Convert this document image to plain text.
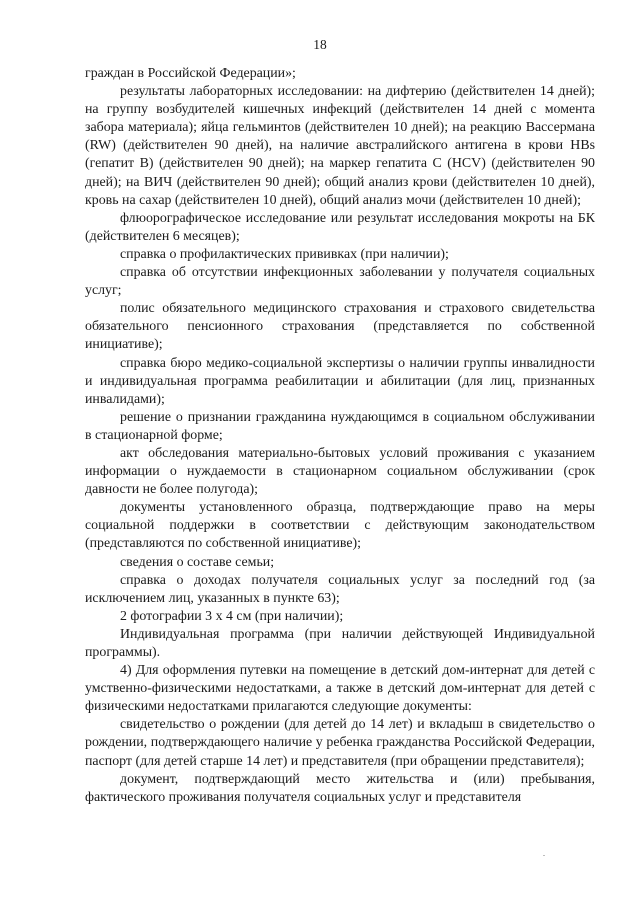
18

граждан в Российской Федерации»;

результаты лабораторных исследовании: на дифтерию (действителен 14 дней); на группу возбудителей кишечных инфекций (действителен 14 дней с момента забора материала); яйца гельминтов (действителен 10 дней); на реакцию Вассермана (RW) (действителен 90 дней), на наличие австралийского антигена в крови HBs (гепатит В) (действителен 90 дней); на маркер гепатита С (HCV) (действителен 90 дней); на ВИЧ (действителен 90 дней); общий анализ крови (действителен 10 дней), кровь на сахар (действителен 10 дней), общий анализ мочи (действителен 10 дней);

флюорографическое исследование или результат исследования мокроты на БК (действителен 6 месяцев);

справка о профилактических прививках (при наличии);

справка об отсутствии инфекционных заболевании у получателя социальных услуг;

полис обязательного медицинского страхования и страхового свидетельства обязательного пенсионного страхования (представляется по собственной инициативе);

справка бюро медико-социальной экспертизы о наличии группы инвалидности и индивидуальная программа реабилитации и абилитации (для лиц, признанных инвалидами);

решение о признании гражданина нуждающимся в социальном обслуживании в стационарной форме;

акт обследования материально-бытовых условий проживания с указанием информации о нуждаемости в стационарном социальном обслуживании (срок давности не более полугода);

документы установленного образца, подтверждающие право на меры социальной поддержки в соответствии с действующим законодательством (представляются по собственной инициативе);

сведения о составе семьи;

справка о доходах получателя социальных услуг за последний год (за исключением лиц, указанных в пункте 63);

2 фотографии 3 х 4 см (при наличии);

Индивидуальная программа (при наличии действующей Индивидуальной программы).

4) Для оформления путевки на помещение в детский дом-интернат для детей с умственно-физическими недостатками, а также в детский дом-интернат для детей с физическими недостатками прилагаются следующие документы:

свидетельство о рождении (для детей до 14 лет) и вкладыш в свидетельство о рождении, подтверждающего наличие у ребенка гражданства Российской Федерации, паспорт (для детей старше 14 лет) и представителя (при обращении представителя);

документ, подтверждающий место жительства и (или) пребывания, фактического проживания получателя социальных услуг и представителя
